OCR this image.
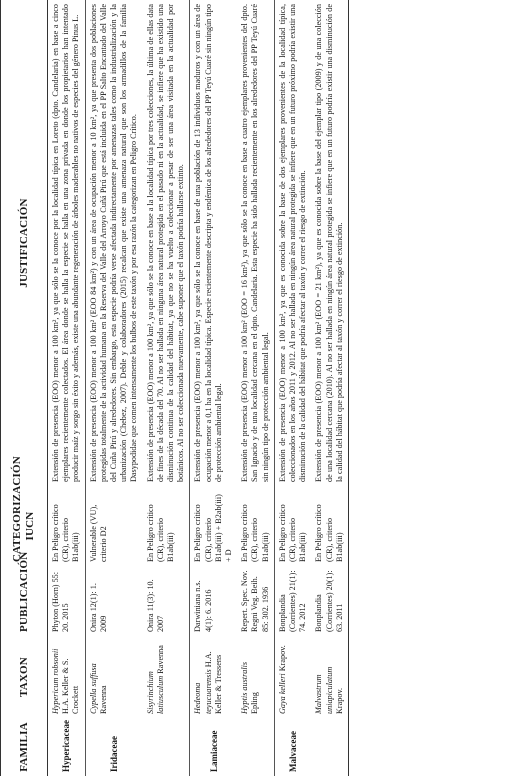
FAMILIA	TAXON	PUBLICACIÓN	CATEGORIZACIÓN IUCN	JUSTIFICACIÓN
Hypericaceae	Hypericum robsonii H.A. Keller & S. Crockett	Phyton (Horn) 55: 20. 2015	En Peligro crítico (CR), criterio B1ab(iii)	Extensión de presencia (EOO) menor a 100 km², ya que sólo se la conoce por la localidad típica en Loreto (dpto. Candelaria) en base a cinco ejemplares recientemente colectados. El área donde se halla la especie se halla en una zona privada en donde los propietarios han intentado producir maíz y sorgo sin éxito y además, existe una abundante regeneración de árboles maderables no nativos de especies del género Pinus L.
Iridaceae	Cypella suffusa Ravenna	Onira 12(1): 1. 2009	Vulnerable (VU), criterio D2	Extensión de presencia (EOO) menor a 100 km² (EOO 84 km²) y con un área de ocupación menor a 10 km², ya que presenta dos poblaciones protegidas totalmente de la actividad humana en la Reserva del Valle del Arroyo Cuñá Pirú que está incluida en el PP Salto Encantado del Valle del Cuña Pirú y alrededores. Sin embargo, esta especie podría verse afectada indirectamente por amenazas tales como la industrialización y la urbanización (Chebez, 2007). Deble y colaboradores (2015) recalcan que existe una amenaza natural que son los armadillos de la familia Dasypodidae que comen intensamente los bulbos de este taxón y por esa razón la categorizan en Peligro Crítico.
	Sisyrinchium latiusculum Ravenna	Onira 11(3): 10. 2007	En Peligro crítico (CR), criterio B1ab(iii)	Extensión de presencia (EOO) menor a 100 km², ya que sólo se la conoce en base a la localidad típica por tres colecciones, la última de ellas data de fines de la década del 70. Al no ser hallada en ninguna área natural protegida en el pasado ni en la actualidad, se infiere que ha existido una disminución continua de la calidad del hábitat, ya que no se ha vuelto a coleccionar a pesar de ser una área visitada en la actualidad por botánicos. Al no ser coleccionada nuevamente, cabe suponer que el taxón podría hallarse extinto.
Lamiaceae	Hedeoma teyucuarensis H.A. Keller & Tressens	Darwiniana n.s. 4(1): 6. 2016	En Peligro crítico (CR), criterio B1ab(iii) + B2ab(iii) + D	Extensión de presencia (EOO) menor a 100 km², ya que sólo se la conoce en base de una población de 13 individuos maduros y con un área de ocupación menor a 0,1 ha en la localidad típica. Especie recientemente descripta y endémica de los alrededores del PP Teyú Cuaré sin ningún tipo de protección ambiental legal.
	Hyptis australis Epling	Repert. Spec. Nov. Regni Veg. Beih. 85: 302. 1936	En Peligro crítico (CR), criterio B1ab(iii)	Extensión de presencia (EOO) menor a 100 km² (EOO = 16 km²), ya que sólo se la conoce en base a cuatro ejemplares provenientes del dpto. San Ignacio y de una localidad cercana en el dpto. Candelaria. Esta especie ha sido hallada recientemente en los alrededores del PP Teyú Cuaré sin ningún tipo de protección ambiental legal.
Malvaceae	Gaya kelleri Krapov.	Bonplandia (Corrientes) 21(1): 74. 2012	En Peligro crítico (CR), criterio B1ab(iii)	Extensión de presencia (EOO) menor a 100 km², ya que es conocida sobre la base de dos ejemplares provenientes de la localidad típica, coleccionados en los años 2011 y 2012. Al no ser hallada en ningún área natural protegida se infiere que en un futuro próximo podría existir una disminución de la calidad del hábitat que podría afectar al taxón y correr el riesgo de extinción.
	Malvastrum uniapiculatum Krapov.	Bonplandia (Corrientes) 20(1): 63. 2011	En Peligro crítico (CR), criterio B1ab(iii)	Extensión de presencia (EOO) menor a 100 km² (EOO = 21 km²), ya que es conocida sobre la base del ejemplar tipo (2009) y de una colección de una localidad cercana (2010). Al no ser hallada en ningún área natural protegida se infiere que en un futuro podría existir una disminución de la calidad del hábitat que podría afectar al taxón y correr el riesgo de extinción.
